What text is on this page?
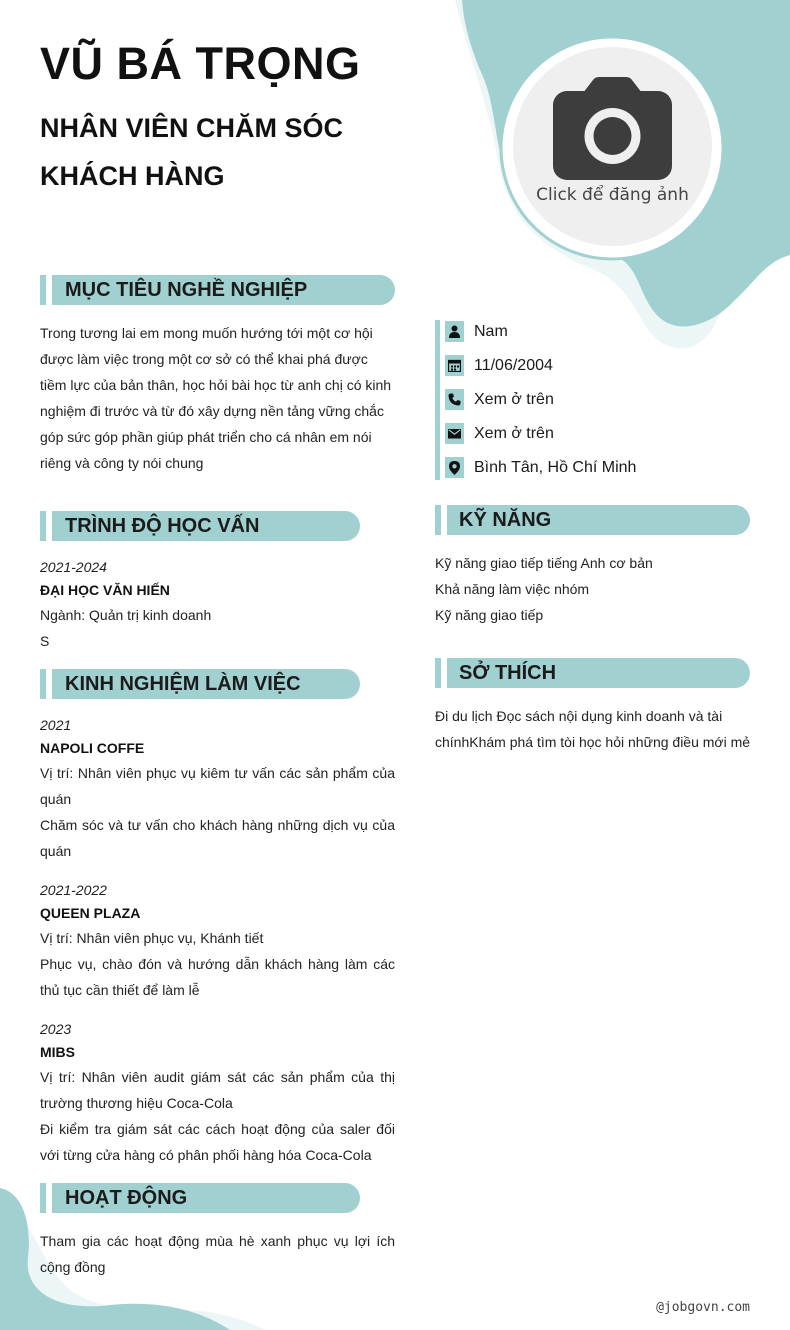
VŨ BÁ TRỌNG
NHÂN VIÊN CHĂM SÓC KHÁCH HÀNG
Click để đăng ảnh
MỤC TIÊU NGHỀ NGHIỆP
Trong tương lai em mong muốn hướng tới một cơ hội được làm việc trong một cơ sở có thể khai phá được tiềm lực của bản thân, học hỏi bài học từ anh chị có kinh nghiệm đi trước và từ đó xây dựng nền tảng vững chắc góp sức góp phần giúp phát triển cho cá nhân em nói riêng và công ty nói chung
Nam
11/06/2004
Xem ở trên
Xem ở trên
Bình Tân, Hồ Chí Minh
TRÌNH ĐỘ HỌC VẤN
2021-2024
ĐẠI HỌC VĂN HIẾN
Ngành: Quản trị kinh doanh
S
KINH NGHIỆM LÀM VIỆC
2021
NAPOLI COFFE
Vị trí: Nhân viên phục vụ kiêm tư vấn các sản phẩm của quán
Chăm sóc và tư vấn cho khách hàng những dịch vụ của quán
2021-2022
QUEEN PLAZA
Vị trí: Nhân viên phục vụ, Khánh tiết
Phục vụ, chào đón và hướng dẫn khách hàng làm các thủ tục cần thiết để làm lễ
2023
MIBS
Vị trí: Nhân viên audit giám sát các sản phẩm của thị trường thương hiệu Coca-Cola
Đi kiểm tra giám sát các cách hoạt động của saler đối với từng cửa hàng có phân phối hàng hóa Coca-Cola
HOẠT ĐỘNG
Tham gia các hoạt động mùa hè xanh phục vụ lợi ích cộng đồng
KỸ NĂNG
Kỹ năng giao tiếp tiếng Anh cơ bản
Khả năng làm việc nhóm
Kỹ năng giao tiếp
SỞ THÍCH
Đi du lịch Đọc sách nội dụng kinh doanh và tài chínhKhám phá tìm tòi học hỏi những điều mới mẻ
@jobgovn.com
